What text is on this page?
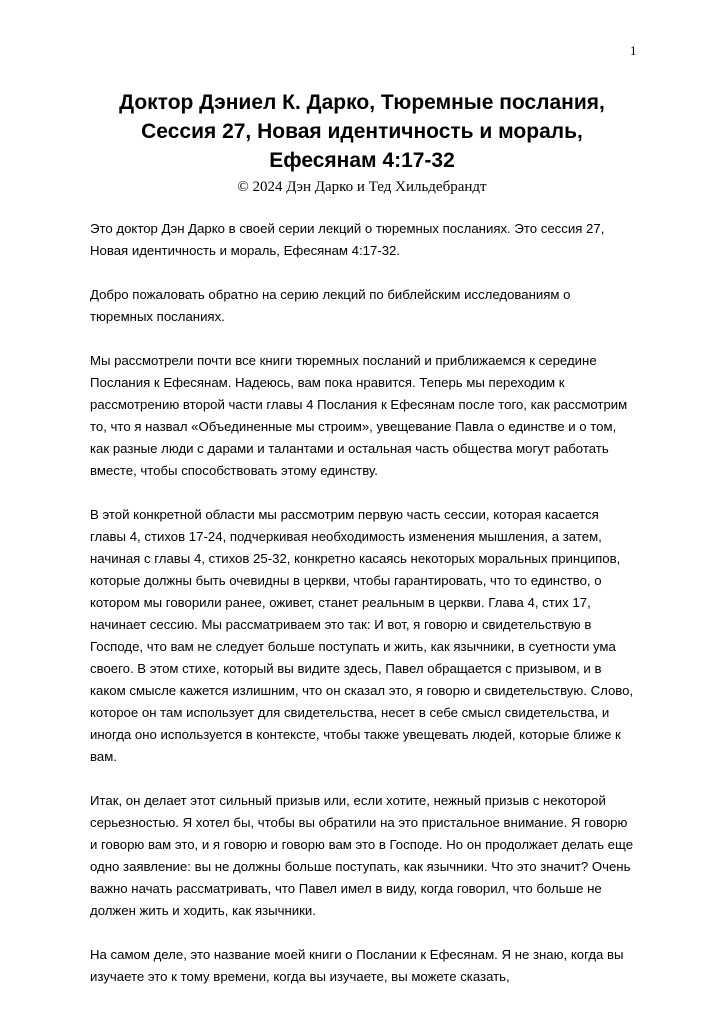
1
Доктор Дэниел К. Дарко, Тюремные послания,
Сессия 27, Новая идентичность и мораль,
Ефесянам 4:17-32
© 2024 Дэн Дарко и Тед Хильдебрандт

Это доктор Дэн Дарко в своей серии лекций о тюремных посланиях. Это сессия 27, Новая идентичность и мораль, Ефесянам 4:17-32.

Добро пожаловать обратно на серию лекций по библейским исследованиям о тюремных посланиях.

Мы рассмотрели почти все книги тюремных посланий и приближаемся к середине Послания к Ефесянам. Надеюсь, вам пока нравится. Теперь мы переходим к рассмотрению второй части главы 4 Послания к Ефесянам после того, как рассмотрим то, что я назвал «Объединенные мы строим», увещевание Павла о единстве и о том, как разные люди с дарами и талантами и остальная часть общества могут работать вместе, чтобы способствовать этому единству.

В этой конкретной области мы рассмотрим первую часть сессии, которая касается главы 4, стихов 17-24, подчеркивая необходимость изменения мышления, а затем, начиная с главы 4, стихов 25-32, конкретно касаясь некоторых моральных принципов, которые должны быть очевидны в церкви, чтобы гарантировать, что то единство, о котором мы говорили ранее, оживет, станет реальным в церкви. Глава 4, стих 17, начинает сессию. Мы рассматриваем это так: И вот, я говорю и свидетельствую в Господе, что вам не следует больше поступать и жить, как язычники, в суетности ума своего. В этом стихе, который вы видите здесь, Павел обращается с призывом, и в каком смысле кажется излишним, что он сказал это, я говорю и свидетельствую. Слово, которое он там использует для свидетельства, несет в себе смысл свидетельства, и иногда оно используется в контексте, чтобы также увещевать людей, которые ближе к вам.

Итак, он делает этот сильный призыв или, если хотите, нежный призыв с некоторой серьезностью. Я хотел бы, чтобы вы обратили на это пристальное внимание. Я говорю и говорю вам это, и я говорю и говорю вам это в Господе. Но он продолжает делать еще одно заявление: вы не должны больше поступать, как язычники. Что это значит? Очень важно начать рассматривать, что Павел имел в виду, когда говорил, что больше не должен жить и ходить, как язычники.

На самом деле, это название моей книги о Послании к Ефесянам. Я не знаю, когда вы изучаете это к тому времени, когда вы изучаете, вы можете сказать,
